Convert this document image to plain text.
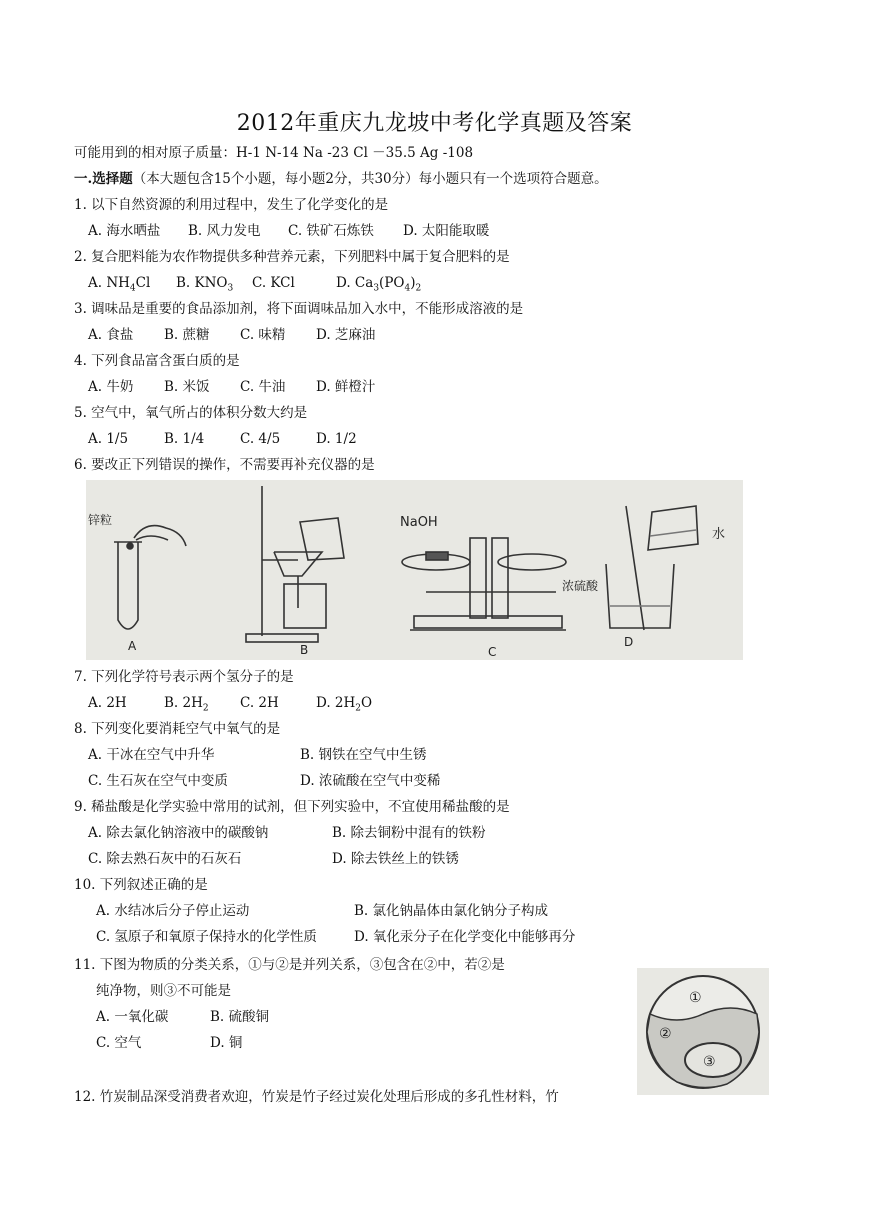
2012年重庆九龙坡中考化学真题及答案
可能用到的相对原子质量：H-1 N-14 Na -23 Cl －35.5 Ag -108
一.选择题（本大题包含15个小题，每小题2分，共30分）每小题只有一个选项符合题意。
1. 以下自然资源的利用过程中，发生了化学变化的是
A. 海水晒盐 B. 风力发电 C. 铁矿石炼铁 D. 太阳能取暖
2. 复合肥料能为农作物提供多种营养元素，下列肥料中属于复合肥料的是
A. $NH_4Cl$ B. $KNO_3$ C. KCl	D. $Ca_3(PO_4)_2$
3. 调味品是重要的食品添加剂，将下面调味品加入水中，不能形成溶液的是
A. 食盐 B. 蔗糖 C. 味精 D. 芝麻油
4. 下列食品富含蛋白质的是
A. 牛奶 B. 米饭 C. 牛油 D. 鲜橙汁
5. 空气中，氧气所占的体积分数大约是
A. 1/5	B. 1/4	C. 4/5	D. 1/2
6. 要改正下列错误的操作，不需要再补充仪器的是
锌粒	NaOH
水
浓硫酸
A	B	C
D
7. 下列化学符号表示两个氢分子的是
A. 2H	B. $2H_2$ C. 2H	D. $2H_2O$
8. 下列变化要消耗空气中氧气的是
A. 干冰在空气中升华	B. 钢铁在空气中生锈
C. 生石灰在空气中变质	D. 浓硫酸在空气中变稀
9. 稀盐酸是化学实验中常用的试剂，但下列实验中，不宜使用稀盐酸的是
A. 除去氯化钠溶液中的碳酸钠	B. 除去铜粉中混有的铁粉
C. 除去熟石灰中的石灰石	D. 除去铁丝上的铁锈
10. 下列叙述正确的是
A. 水结冰后分子停止运动	B. 氯化钠晶体由氯化钠分子构成
C. 氢原子和氧原子保持水的化学性质	D. 氧化汞分子在化学变化中能够再分
11. 下图为物质的分类关系，①与②是并列关系，③包含在②中，若②是
纯净物，则③不可能是
A. 一氧化碳	B. 硫酸铜
C. 空气	D. 铜
①
②
③
12. 竹炭制品深受消费者欢迎，竹炭是竹子经过炭化处理后形成的多孔性材料，竹
